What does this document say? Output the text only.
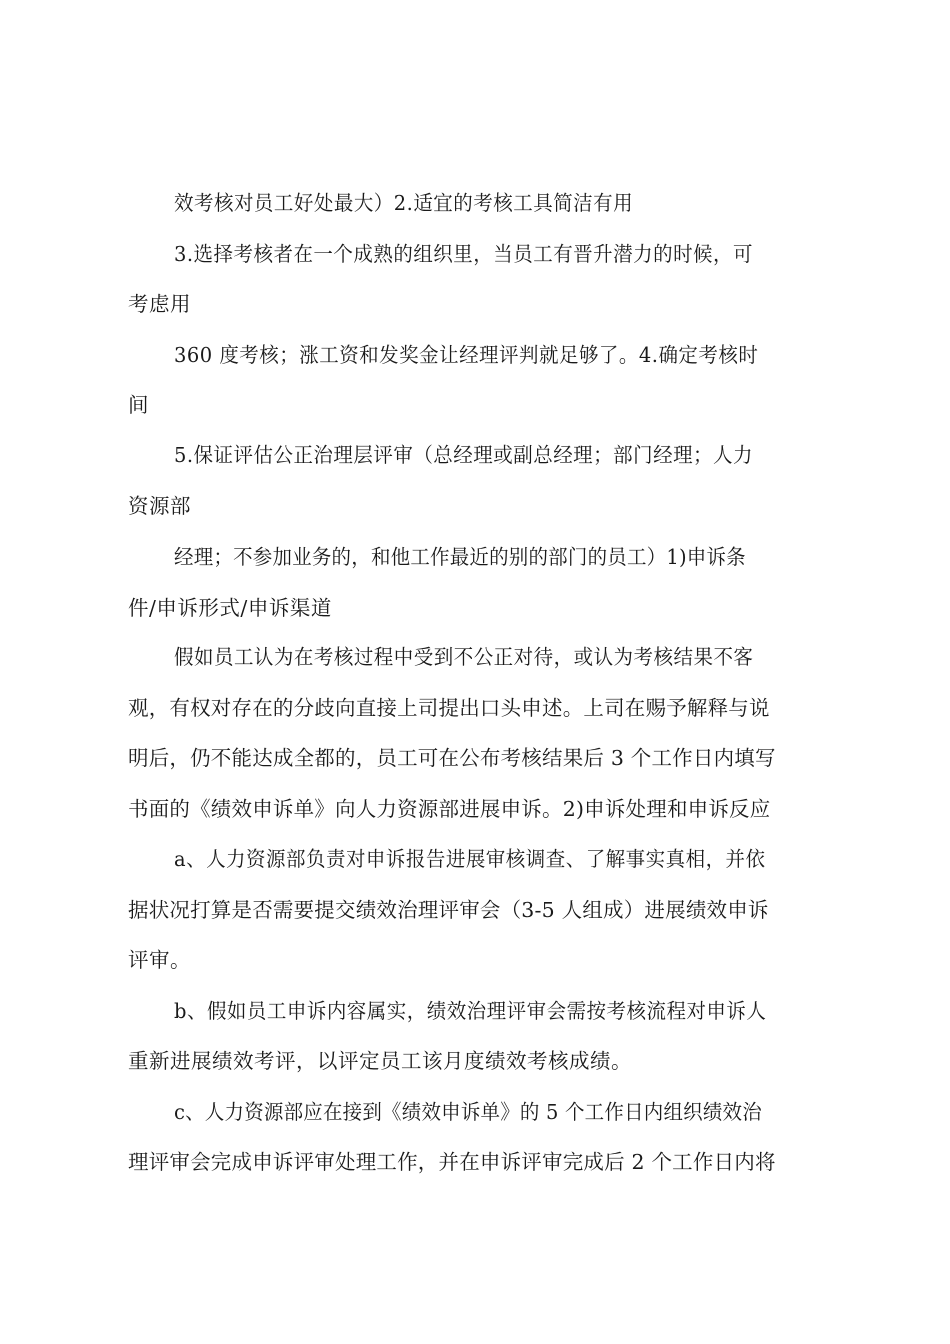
效考核对员工好处最大）2.适宜的考核工具简洁有用
3.选择考核者在一个成熟的组织里，当员工有晋升潜力的时候，可
考虑用
360 度考核；涨工资和发奖金让经理评判就足够了。4.确定考核时
间
5.保证评估公正治理层评审（总经理或副总经理；部门经理；人力
资源部
经理；不参加业务的，和他工作最近的别的部门的员工）1)申诉条
件/申诉形式/申诉渠道
假如员工认为在考核过程中受到不公正对待，或认为考核结果不客
观，有权对存在的分歧向直接上司提出口头申述。上司在赐予解释与说
明后，仍不能达成全都的，员工可在公布考核结果后 3 个工作日内填写
书面的《绩效申诉单》向人力资源部进展申诉。2)申诉处理和申诉反应
a、人力资源部负责对申诉报告进展审核调查、了解事实真相，并依
据状况打算是否需要提交绩效治理评审会（3-5 人组成）进展绩效申诉
评审。
b、假如员工申诉内容属实，绩效治理评审会需按考核流程对申诉人
重新进展绩效考评，以评定员工该月度绩效考核成绩。
c、人力资源部应在接到《绩效申诉单》的 5 个工作日内组织绩效治
理评审会完成申诉评审处理工作，并在申诉评审完成后 2 个工作日内将
